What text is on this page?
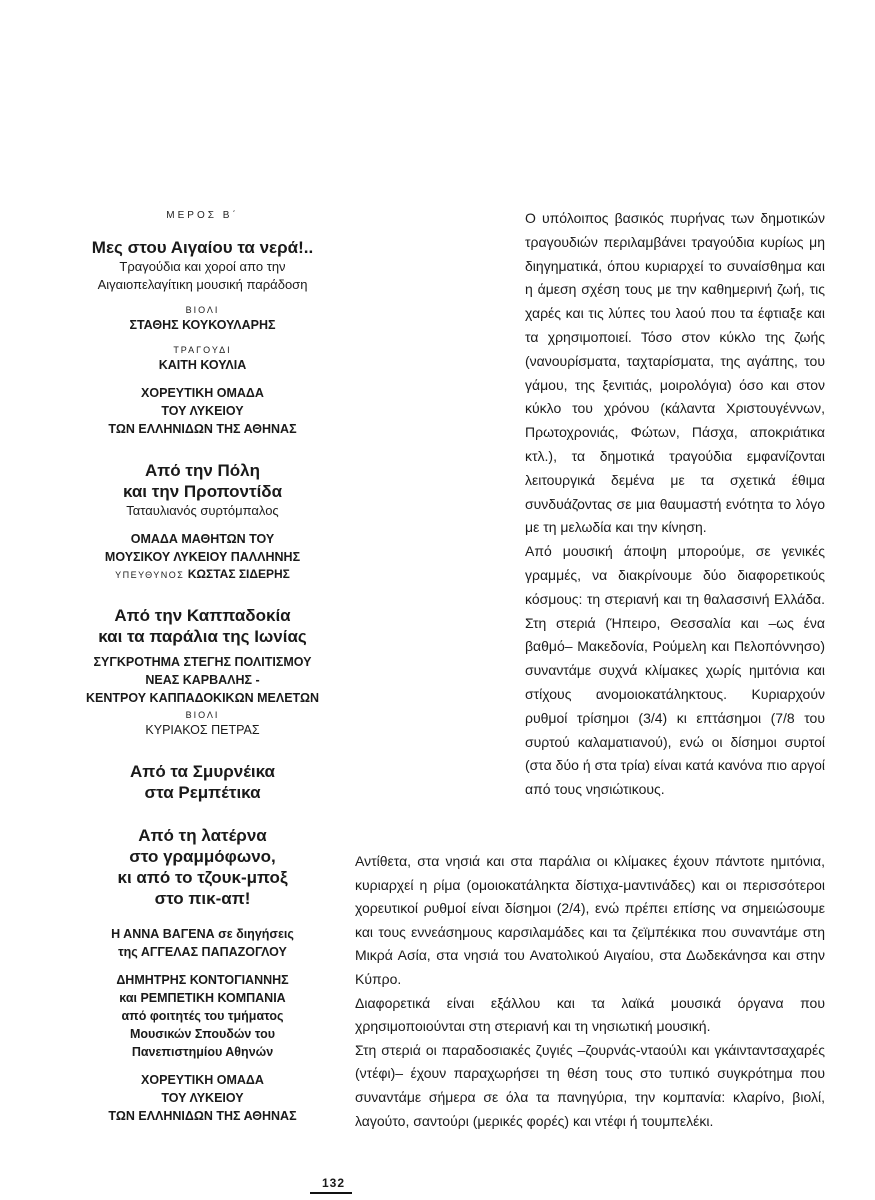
ΜΕΡΟΣ Β΄
Μες στου Αιγαίου τα νερά!..
Τραγούδια και χοροί απο την
Αιγαιοπελαγίτικη μουσική παράδοση
ΒΙΟΛΙ
ΣΤΑΘΗΣ ΚΟΥΚΟΥΛΑΡΗΣ
ΤΡΑΓΟΥΔΙ
ΚΑΙΤΗ ΚΟΥΛΙΑ
ΧΟΡΕΥΤΙΚΗ ΟΜΑΔΑ
ΤΟΥ ΛΥΚΕΙΟΥ
ΤΩΝ ΕΛΛΗΝΙΔΩΝ ΤΗΣ ΑΘΗΝΑΣ
Από την Πόλη
και την Προποντίδα
Ταταυλιανός συρτόμπαλος
ΟΜΑΔΑ ΜΑΘΗΤΩΝ ΤΟΥ
ΜΟΥΣΙΚΟΥ ΛΥΚΕΙΟΥ ΠΑΛΛΗΝΗΣ
ΥΠΕΥΘΥΝΟΣ ΚΩΣΤΑΣ ΣΙΔΕΡΗΣ
Από την Καππαδοκία
και τα παράλια της Ιωνίας
ΣΥΓΚΡΟΤΗΜΑ ΣΤΕΓΗΣ ΠΟΛΙΤΙΣΜΟΥ
ΝΕΑΣ ΚΑΡΒΑΛΗΣ -
ΚΕΝΤΡΟΥ ΚΑΠΠΑΔΟΚΙΚΩΝ ΜΕΛΕΤΩΝ
ΒΙΟΛΙ
ΚΥΡΙΑΚΟΣ ΠΕΤΡΑΣ
Από τα Σμυρνέικα
στα Ρεμπέτικα
Από τη λατέρνα
στο γραμμόφωνο,
κι από το τζουκ-μποξ
στο πικ-απ!
Η ΑΝΝΑ ΒΑΓΕΝΑ σε διηγήσεις
της ΑΓΓΕΛΑΣ ΠΑΠΑΖΟΓΛΟΥ
ΔΗΜΗΤΡΗΣ ΚΟΝΤΟΓΙΑΝΝΗΣ
και ΡΕΜΠΕΤΙΚΗ ΚΟΜΠΑΝΙΑ
από φοιτητές του τμήματος
Μουσικών Σπουδών του
Πανεπιστημίου Αθηνών
ΧΟΡΕΥΤΙΚΗ ΟΜΑΔΑ
ΤΟΥ ΛΥΚΕΙΟΥ
ΤΩΝ ΕΛΛΗΝΙΔΩΝ ΤΗΣ ΑΘΗΝΑΣ

Ο υπόλοιπος βασικός πυρήνας των δημοτικών τραγουδιών περιλαμβάνει τραγούδια κυρίως μη διηγηματικά, όπου κυριαρχεί το συναίσθημα και η άμεση σχέση τους με την καθημερινή ζωή, τις χαρές και τις λύπες του λαού που τα έφτιαξε και τα χρησιμοποιεί. Τόσο στον κύκλο της ζωής (νανουρίσματα, ταχταρίσματα, της αγάπης, του γάμου, της ξενιτιάς, μοιρολόγια) όσο και στον κύκλο του χρόνου (κάλαντα Χριστουγέννων, Πρωτοχρονιάς, Φώτων, Πάσχα, αποκριάτικα κτλ.), τα δημοτικά τραγούδια εμφανίζονται λειτουργικά δεμένα με τα σχετικά έθιμα συνδυάζοντας σε μια θαυμαστή ενότητα το λόγο με τη μελωδία και την κίνηση.

Από μουσική άποψη μπορούμε, σε γενικές γραμμές, να διακρίνουμε δύο διαφορετικούς κόσμους: τη στεριανή και τη θαλασσινή Ελλάδα. Στη στεριά (Ήπειρο, Θεσσαλία και –ως ένα βαθμό– Μακεδονία, Ρούμελη και Πελοπόννησο) συναντάμε συχνά κλίμακες χωρίς ημιτόνια και στίχους ανομοιοκατάληκτους. Κυριαρχούν ρυθμοί τρίσημοι (3/4) κι επτάσημοι (7/8 του συρτού καλαματιανού), ενώ οι δίσημοι συρτοί (στα δύο ή στα τρία) είναι κατά κανόνα πιο αργοί από τους νησιώτικους.

Αντίθετα, στα νησιά και στα παράλια οι κλίμακες έχουν πάντοτε ημιτόνια, κυριαρχεί η ρίμα (ομοιοκατάληκτα δίστιχα-μαντινάδες) και οι περισσότεροι χορευτικοί ρυθμοί είναι δίσημοι (2/4), ενώ πρέπει επίσης να σημειώσουμε και τους εννεάσημους καρσιλαμάδες και τα ζεϊμπέκικα που συναντάμε στη Μικρά Ασία, στα νησιά του Ανατολικού Αιγαίου, στα Δωδεκάνησα και στην Κύπρο.

Διαφορετικά είναι εξάλλου και τα λαϊκά μουσικά όργανα που χρησιμοποιούνται στη στεριανή και τη νησιωτική μουσική.

Στη στεριά οι παραδοσιακές ζυγιές –ζουρνάς-νταούλι και γκάινταντσαχαρές (ντέφι)– έχουν παραχωρήσει τη θέση τους στο τυπικό συγκρότημα που συναντάμε σήμερα σε όλα τα πανηγύρια, την κομπανία: κλαρίνο, βιολί, λαγούτο, σαντούρι (μερικές φορές) και ντέφι ή τουμπελέκι.

132
